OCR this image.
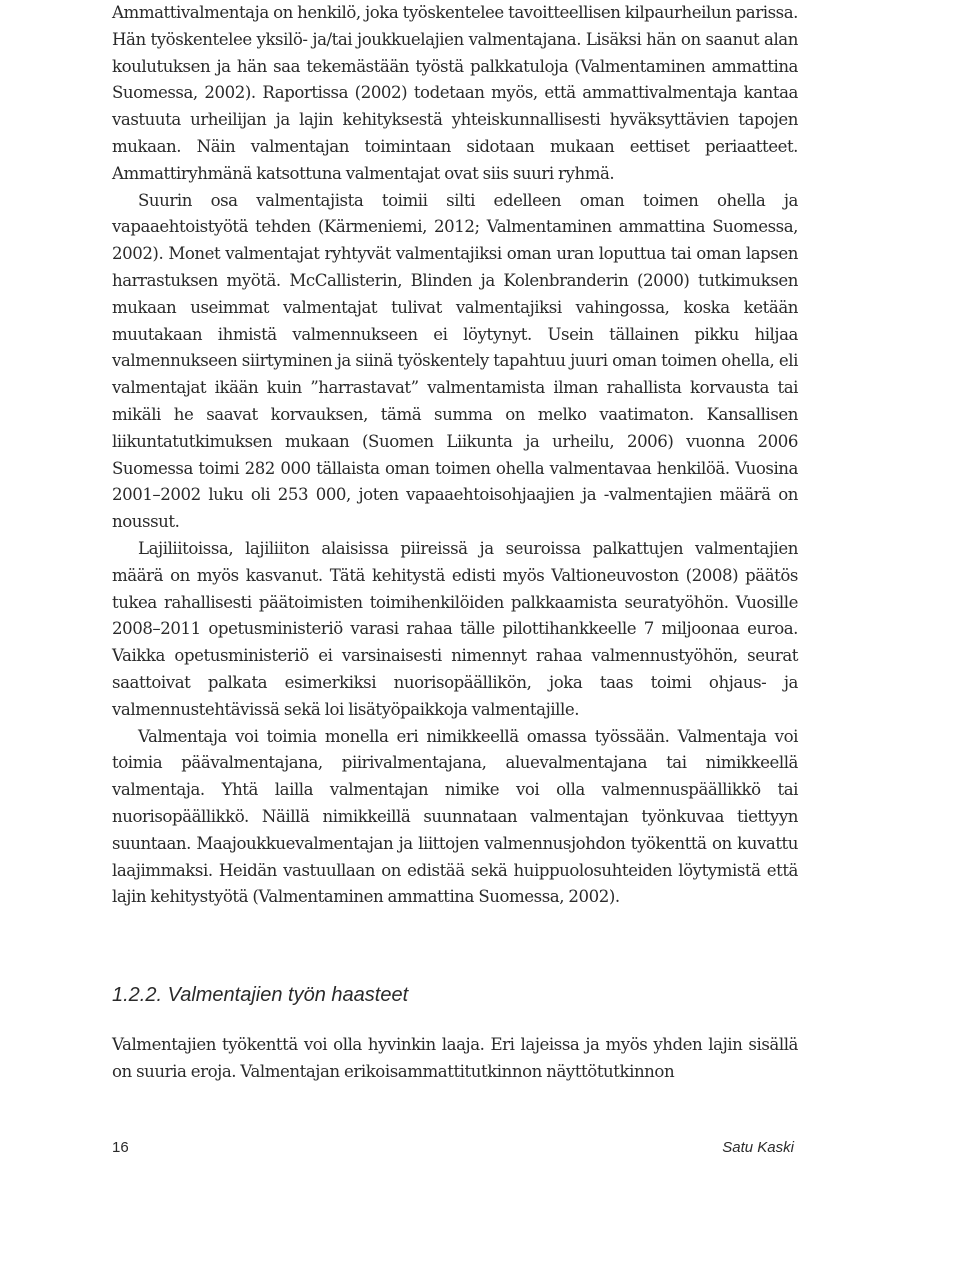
Ammattivalmentaja on henkilö, joka työskentelee tavoitteellisen kilpaurheilun parissa. Hän työskentelee yksilö- ja/tai joukkuelajien valmentajana. Lisäksi hän on saanut alan koulutuksen ja hän saa tekemästään työstä palkkatuloja (Valmentaminen ammattina Suomessa, 2002). Raportissa (2002) todetaan myös, että ammattivalmentaja kantaa vastuuta urheilijan ja lajin kehityksestä yhteiskunnallisesti hyväksyttävien tapojen mukaan. Näin valmentajan toimintaan sidotaan mukaan eettiset periaatteet. Ammattiryhmänä katsottuna valmentajat ovat siis suuri ryhmä.

Suurin osa valmentajista toimii silti edelleen oman toimen ohella ja vapaaehtoistyötä tehden (Kärmeniemi, 2012; Valmentaminen ammattina Suomessa, 2002). Monet valmentajat ryhtyvät valmentajiksi oman uran loputtua tai oman lapsen harrastuksen myötä. McCallisterin, Blinden ja Kolenbranderin (2000) tutkimuksen mukaan useimmat valmentajat tulivat valmentajiksi vahingossa, koska ketään muutakaan ihmistä valmennukseen ei löytynyt. Usein tällainen pikku hiljaa valmennukseen siirtyminen ja siinä työskentely tapahtuu juuri oman toimen ohella, eli valmentajat ikään kuin ”harrastavat” valmentamista ilman rahallista korvausta tai mikäli he saavat korvauksen, tämä summa on melko vaatimaton. Kansallisen liikuntatutkimuksen mukaan (Suomen Liikunta ja urheilu, 2006) vuonna 2006 Suomessa toimi 282 000 tällaista oman toimen ohella valmentavaa henkilöä. Vuosina 2001–2002 luku oli 253 000, joten vapaaehtoisohjaajien ja -valmentajien määrä on noussut.

Lajiliitoissa, lajiliiton alaisissa piireissä ja seuroissa palkattujen valmentajien määrä on myös kasvanut. Tätä kehitystä edisti myös Valtioneuvoston (2008) päätös tukea rahallisesti päätoimisten toimihenkilöiden palkkaamista seuratyöhön. Vuosille 2008–2011 opetusministeriö varasi rahaa tälle pilottihankkeelle 7 miljoonaa euroa. Vaikka opetusministeriö ei varsinaisesti nimennyt rahaa valmennustyöhön, seurat saattoivat palkata esimerkiksi nuorisopäällikön, joka taas toimi ohjaus- ja valmennustehtävissä sekä loi lisätyöpaikkoja valmentajille.

Valmentaja voi toimia monella eri nimikkeellä omassa työssään. Valmentaja voi toimia päävalmentajana, piirivalmentajana, aluevalmentajana tai nimikkeellä valmentaja. Yhtä lailla valmentajan nimike voi olla valmennuspäällikkö tai nuorisopäällikkö. Näillä nimikkeillä suunnataan valmentajan työnkuvaa tiettyyn suuntaan. Maajoukkuevalmentajan ja liittojen valmennusjohdon työkenttä on kuvattu laajimmaksi. Heidän vastuullaan on edistää sekä huippuolosuhteiden löytymistä että lajin kehitystyötä (Valmentaminen ammattina Suomessa, 2002).

1.2.2. Valmentajien työn haasteet

Valmentajien työkenttä voi olla hyvinkin laaja. Eri lajeissa ja myös yhden lajin sisällä on suuria eroja. Valmentajan erikoisammattitutkinnon näyttötutkinnon

16	Satu Kaski
